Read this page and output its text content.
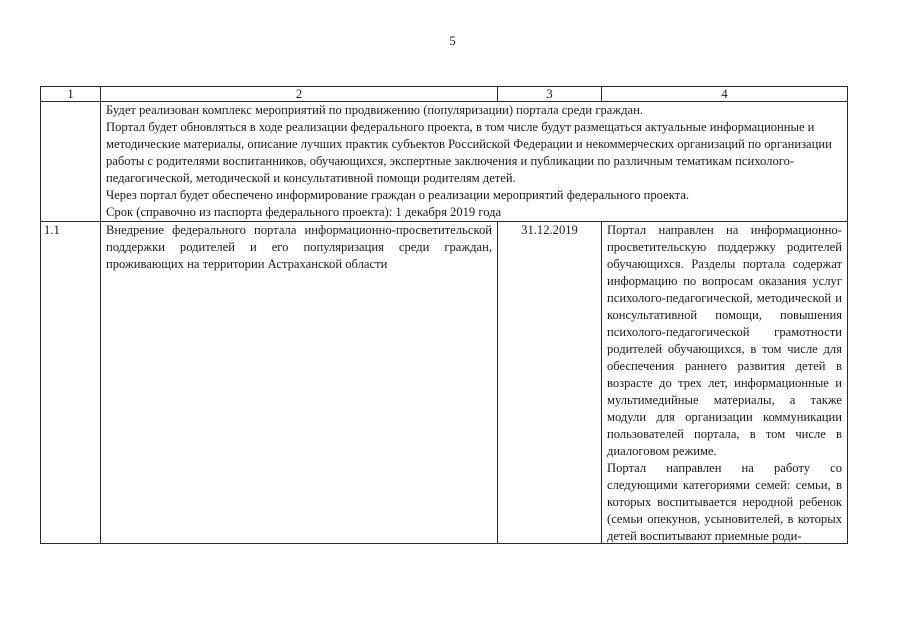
5
1	2	3	4

	Будет реализован комплекс мероприятий по продвижению (популяризации) портала среди граждан.

Портал будет обновляться в ходе реализации федерального проекта, в том числе будут размещаться актуальные информационные и методические материалы, описание лучших практик субъектов Российской Федерации и некоммерческих организаций по организации работы с родителями воспитанников, обучающихся, экспертные заключения и публикации по различным тематикам психолого-педагогической, методической и консультативной помощи родителям детей.

Через портал будет обеспечено информирование граждан о реализации мероприятий федерального проекта.

Срок (справочно из паспорта федерального проекта): 1 декабря 2019 года		

1.1	Внедрение федерального портала информационно-просветительской поддержки родителей и его популяризация среди граждан, проживающих на территории Астраханской области	31.12.2019	Портал направлен на информационно-просветительскую поддержку родителей обучающихся. Разделы портала содержат информацию по вопросам оказания услуг психолого-педагогической, методической и консультативной помощи, повышения психолого-педагогической грамотности родителей обучающихся, в том числе для обеспечения раннего развития детей в возрасте до трех лет, информационные и мультимедийные материалы, а также модули для организации коммуникации пользователей портала, в том числе в диалоговом режиме.

Портал направлен на работу со следующими категориями семей: семьи, в которых воспитывается неродной ребенок (семьи опекунов, усыновителей, в которых детей воспитывают приемные роди-
